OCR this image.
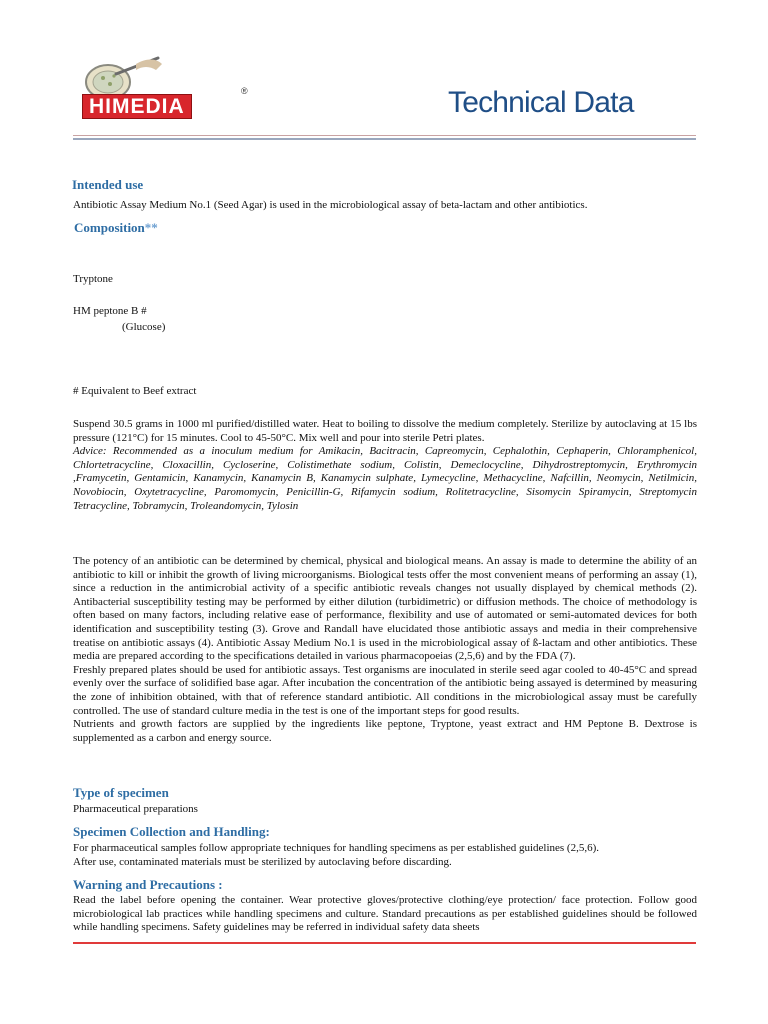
HIMEDIA
®	Technical Data
Intended use
Antibiotic Assay Medium No.1 (Seed Agar) is used in the microbiological assay of beta-lactam and other antibiotics.
Composition**
Tryptone
HM peptone B #
(Glucose)
# Equivalent to Beef extract

Suspend 30.5 grams in 1000 ml purified/distilled water. Heat to boiling to dissolve the medium completely. Sterilize by autoclaving at 15 lbs pressure (121°C) for 15 minutes. Cool to 45-50°C. Mix well and pour into sterile Petri plates.

Advice: Recommended as a inoculum medium for Amikacin, Bacitracin, Capreomycin, Cephalothin, Cephaperin, Chloramphenicol, Chlortetracycline, Cloxacillin, Cycloserine, Colistimethate sodium, Colistin, Demeclocycline, Dihydrostreptomycin, Erythromycin ,Framycetin, Gentamicin, Kanamycin, Kanamycin B, Kanamycin sulphate, Lymecycline, Methacycline, Nafcillin, Neomycin, Netilmicin, Novobiocin, Oxytetracycline, Paromomycin, Penicillin-G, Rifamycin sodium, Rolitetracycline, Sisomycin Spiramycin, Streptomycin Tetracycline, Tobramycin, Troleandomycin, Tylosin

The potency of an antibiotic can be determined by chemical, physical and biological means. An assay is made to determine the ability of an antibiotic to kill or inhibit the growth of living microorganisms. Biological tests offer the most convenient means of performing an assay (1), since a reduction in the antimicrobial activity of a specific antibiotic reveals changes not usually displayed by chemical methods (2). Antibacterial susceptibility testing may be performed by either dilution (turbidimetric) or diffusion methods. The choice of methodology is often based on many factors, including relative ease of performance, flexibility and use of automated or semi-automated devices for both identification and susceptibility testing (3). Grove and Randall have elucidated those antibiotic assays and media in their comprehensive treatise on antibiotic assays (4). Antibiotic Assay Medium No.1 is used in the microbiological assay of ß-lactam and other antibiotics. These media are prepared according to the specifications detailed in various pharmacopoeias (2,5,6) and by the FDA (7).

Freshly prepared plates should be used for antibiotic assays. Test organisms are inoculated in sterile seed agar cooled to 40-45°C and spread evenly over the surface of solidified base agar. After incubation the concentration of the antibiotic being assayed is determined by measuring the zone of inhibition obtained, with that of reference standard antibiotic. All conditions in the microbiological assay must be carefully controlled. The use of standard culture media in the test is one of the important steps for good results.

Nutrients and growth factors are supplied by the ingredients like peptone, Tryptone, yeast extract and HM Peptone B. Dextrose is supplemented as a carbon and energy source.

Type of specimen
Pharmaceutical preparations
Specimen Collection and Handling:
For pharmaceutical samples follow appropriate techniques for handling specimens as per established guidelines (2,5,6).
After use, contaminated materials must be sterilized by autoclaving before discarding.
Warning and Precautions :

Read the label before opening the container. Wear protective gloves/protective clothing/eye protection/ face protection. Follow good microbiological lab practices while handling specimens and culture. Standard precautions as per established guidelines should be followed while handling specimens. Safety guidelines may be referred in individual safety data sheets
